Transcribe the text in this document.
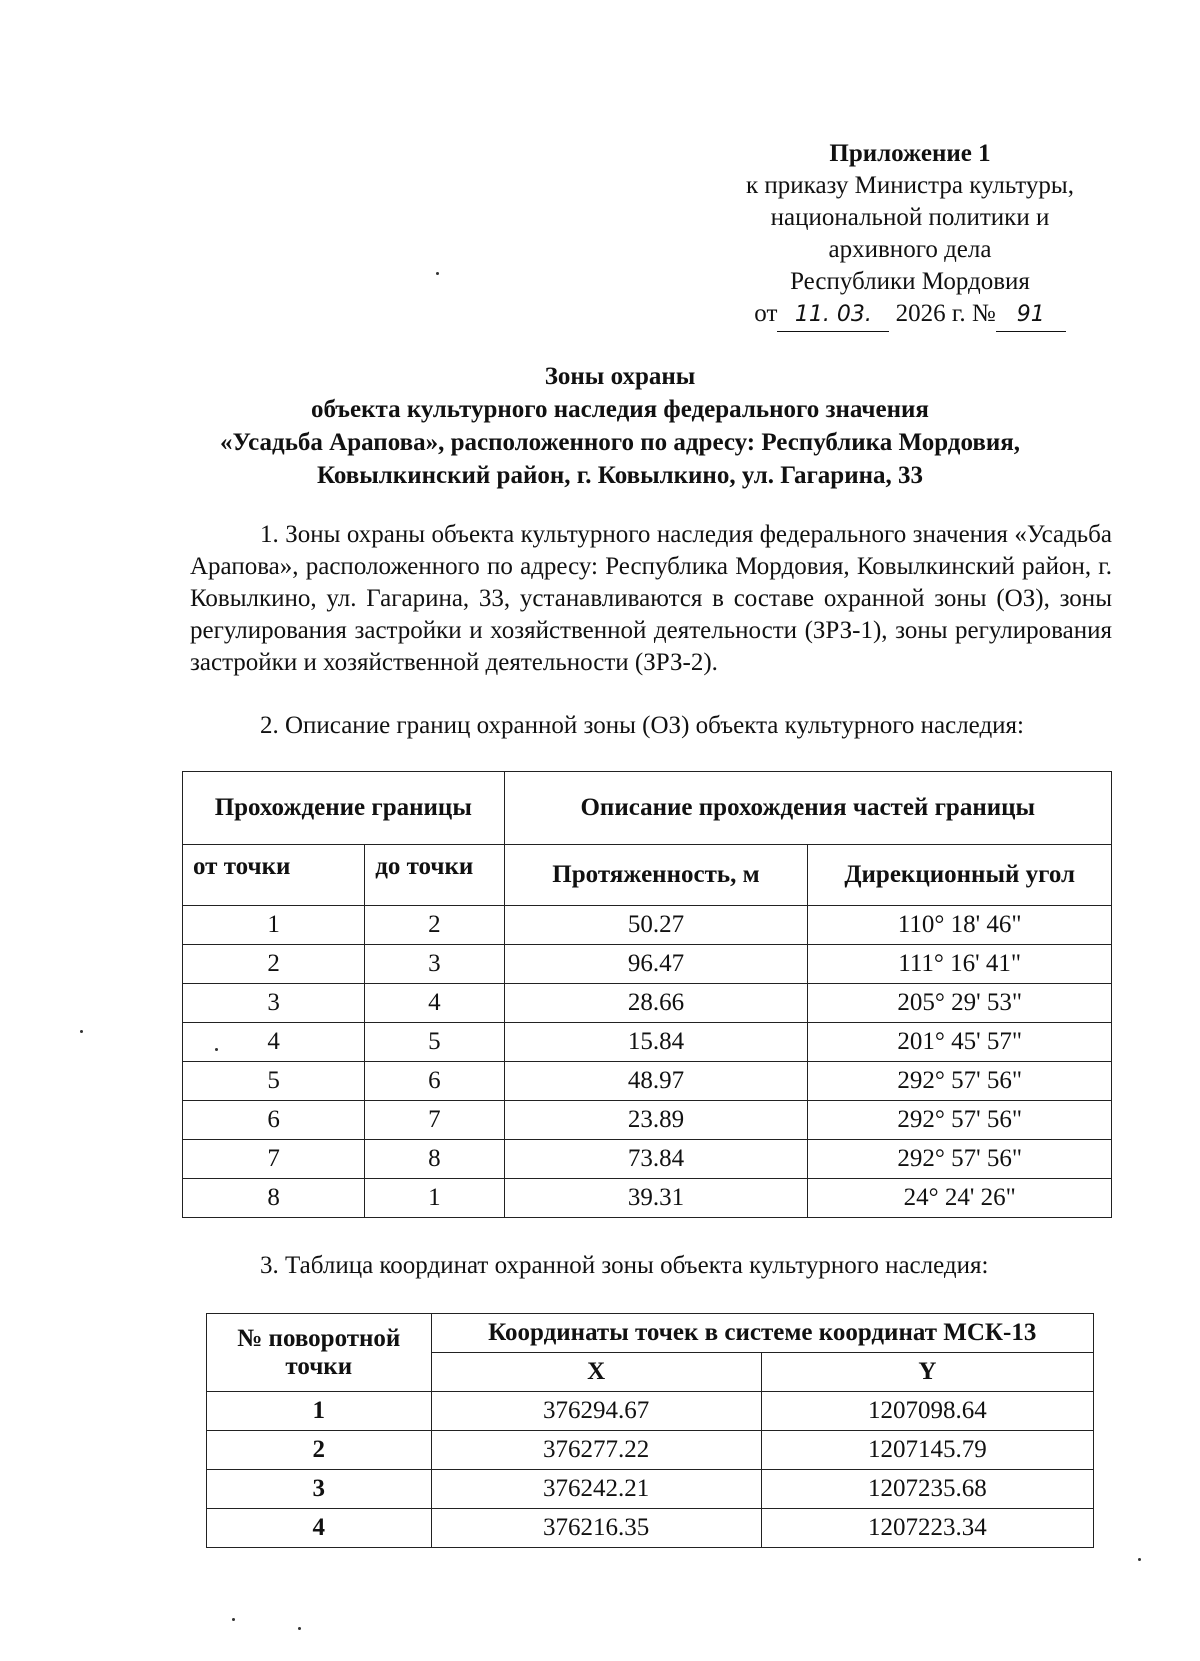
Приложение 1
к приказу Министра культуры,
национальной политики и
архивного дела
Республики Мордовия
от 11. 03. 2026 г. № 91
Зоны охраны
объекта культурного наследия федерального значения
«Усадьба Арапова», расположенного по адресу: Республика Мордовия,
Ковылкинский район, г. Ковылкино, ул. Гагарина, 33
1. Зоны охраны объекта культурного наследия федерального значения «Усадьба Арапова», расположенного по адресу: Республика Мордовия, Ковылкинский район, г. Ковылкино, ул. Гагарина, 33, устанавливаются в составе охранной зоны (ОЗ), зоны регулирования застройки и хозяйственной деятельности (ЗРЗ-1), зоны регулирования застройки и хозяйственной деятельности (ЗРЗ-2).
2. Описание границ охранной зоны (ОЗ) объекта культурного наследия:
Прохождение границы		Описание прохождения частей границы	
от точки	до точки	Протяженность, м	Дирекционный угол
1	2	50.27	110° 18' 46"
2	3	96.47	111° 16' 41"
3	4	28.66	205° 29' 53"
4	5	15.84	201° 45' 57"
5	6	48.97	292° 57' 56"
6	7	23.89	292° 57' 56"
7	8	73.84	292° 57' 56"
8	1	39.31	24° 24' 26"
3. Таблица координат охранной зоны объекта культурного наследия:
№ поворотной точки	Координаты точек в системе координат МСК-13	
	X	Y
1	376294.67	1207098.64
2	376277.22	1207145.79
3	376242.21	1207235.68
4	376216.35	1207223.34
